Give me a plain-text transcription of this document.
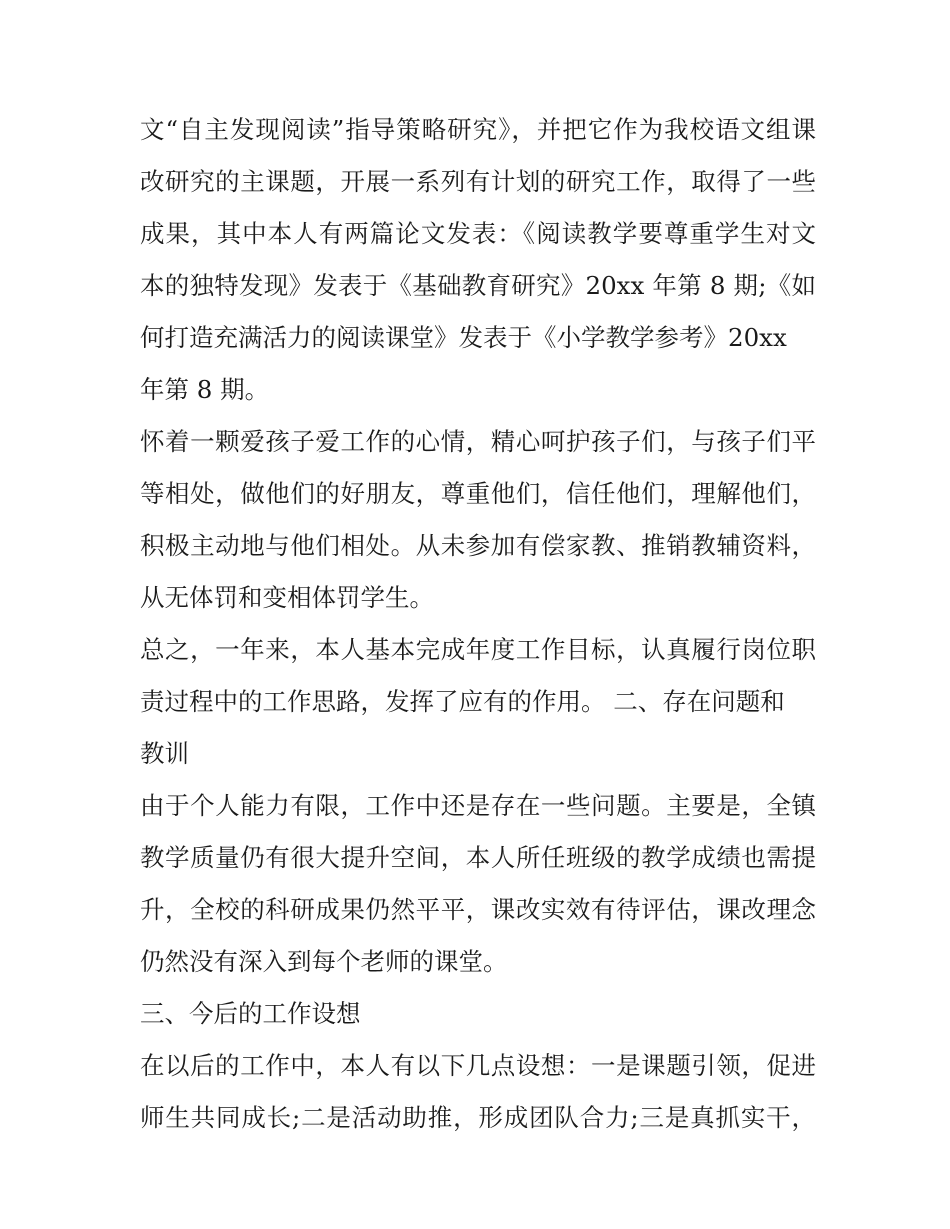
文“自主发现阅读”指导策略研究》，并把它作为我校语文组课
改研究的主课题，开展一系列有计划的研究工作，取得了一些
成果，其中本人有两篇论文发表：《阅读教学要尊重学生对文
本的独特发现》发表于《基础教育研究》20xx 年第 8 期;《如
何打造充满活力的阅读课堂》发表于《小学教学参考》20xx
年第 8 期。
怀着一颗爱孩子爱工作的心情，精心呵护孩子们，与孩子们平
等相处，做他们的好朋友，尊重他们，信任他们，理解他们，
积极主动地与他们相处。从未参加有偿家教、推销教辅资料，
从无体罚和变相体罚学生。
总之，一年来，本人基本完成年度工作目标，认真履行岗位职
责过程中的工作思路，发挥了应有的作用。 二、存在问题和
教训
由于个人能力有限，工作中还是存在一些问题。主要是，全镇
教学质量仍有很大提升空间，本人所任班级的教学成绩也需提
升，全校的科研成果仍然平平，课改实效有待评估，课改理念
仍然没有深入到每个老师的课堂。
三、今后的工作设想
在以后的工作中，本人有以下几点设想：一是课题引领，促进
师生共同成长;二是活动助推，形成团队合力;三是真抓实干，
